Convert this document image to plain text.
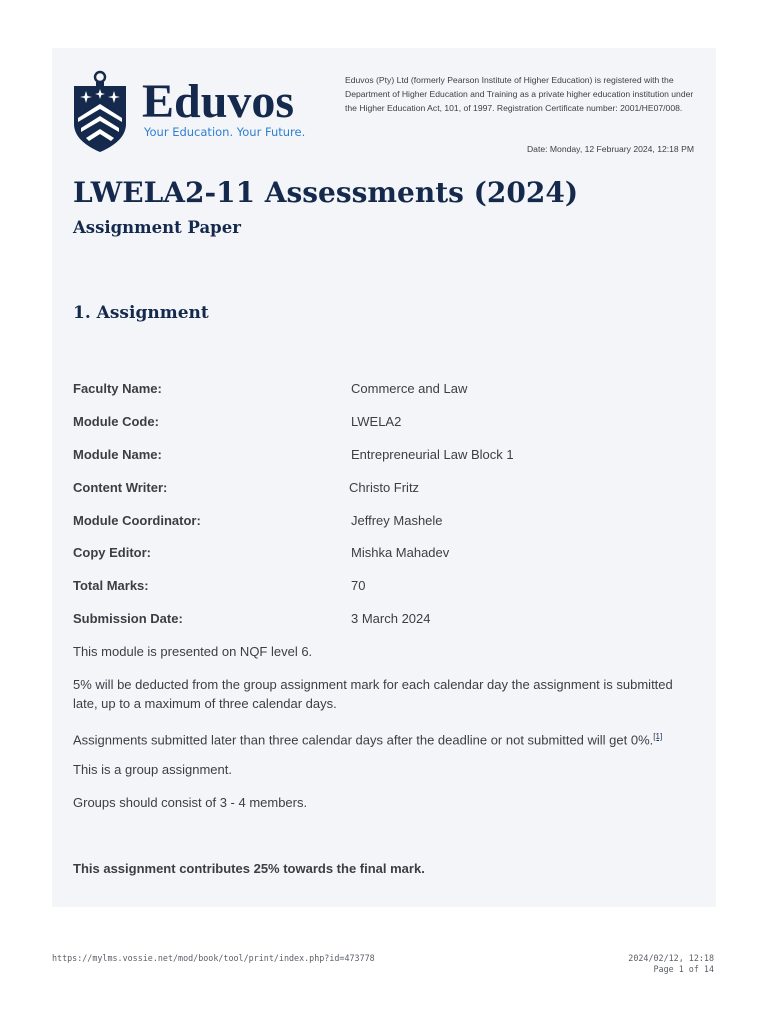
Eduvos
Your Education. Your Future.
Eduvos (Pty) Ltd (formerly Pearson Institute of Higher Education) is registered with the Department of Higher Education and Training as a private higher education institution under the Higher Education Act, 101, of 1997. Registration Certificate number: 2001/HE07/008.
Date: Monday, 12 February 2024, 12:18 PM
LWELA2-11 Assessments (2024)
Assignment Paper
1. Assignment
Faculty Name:	Commerce and Law
Module Code:	LWELA2
Module Name:	Entrepreneurial Law Block 1
Content Writer:	Christo Fritz
Module Coordinator:	Jeffrey Mashele
Copy Editor:	Mishka Mahadev
Total Marks:	70
Submission Date:	3 March 2024

This module is presented on NQF level 6.

5% will be deducted from the group assignment mark for each calendar day the assignment is submitted late, up to a maximum of three calendar days.

Assignments submitted later than three calendar days after the deadline or not submitted will get 0%.[1]

This is a group assignment.

Groups should consist of 3 - 4 members.

This assignment contributes 25% towards the final mark.

https://mylms.vossie.net/mod/book/tool/print/index.php?id=473778	2024/02/12, 12:18
Page 1 of 14
